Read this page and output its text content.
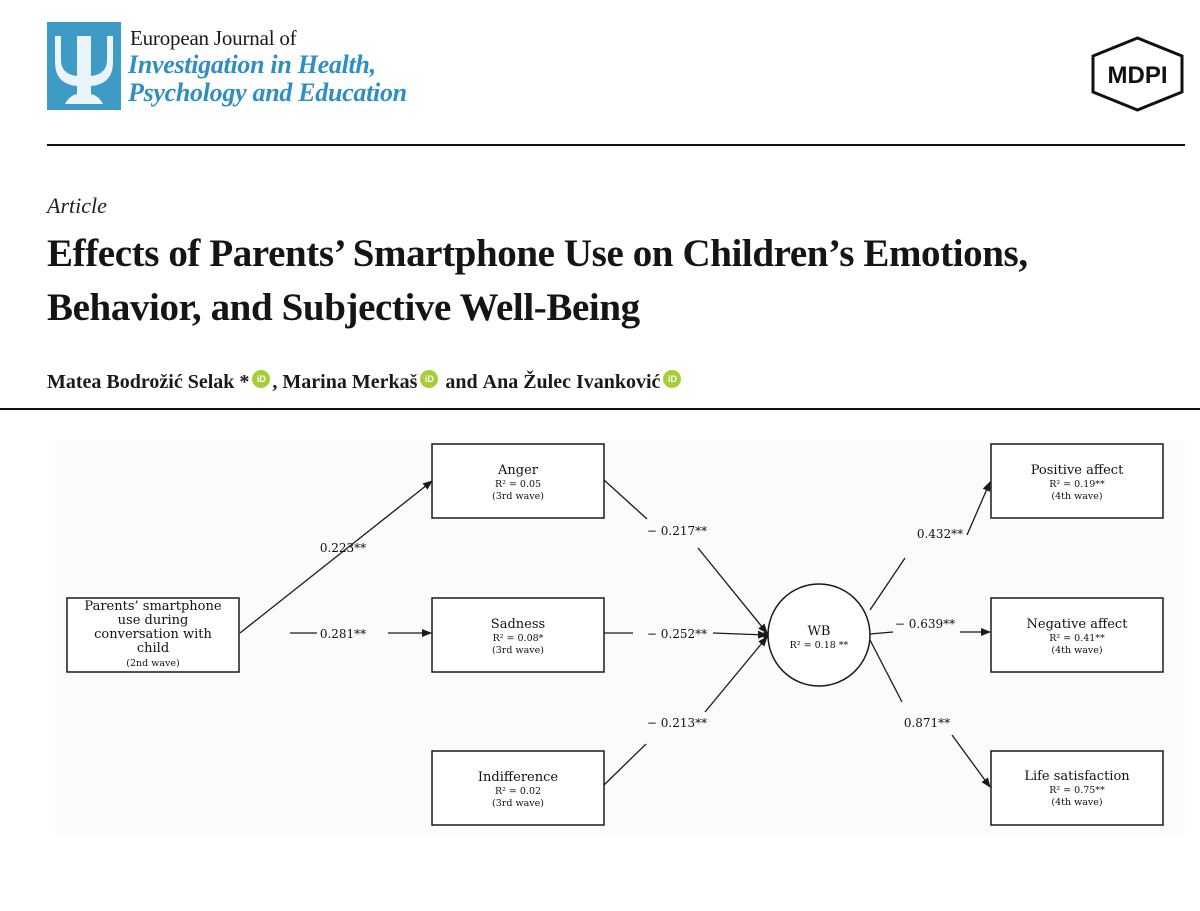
European Journal of
Investigation in Health,
Psychology and Education
MDPI
Article
Effects of Parents’ Smartphone Use on Children’s Emotions,
Behavior, and Subjective Well-Being
Matea Bodrožić Selak * iD , Marina Merkaš iD and Ana Žulec Ivanković iD
0.223**
0.281**
− 0.217**
− 0.252**
− 0.213**
0.432**
− 0.639**
0.871**
Parents’ smartphone
use during
conversation with
child
(2nd wave)
Anger
R² = 0.05
(3rd wave)
Sadness
R² = 0.08*
(3rd wave)
Indifference
R² = 0.02
(3rd wave)
WB
R² = 0.18 **
Positive affect
R² = 0.19**
(4th wave)
Negative affect
R² = 0.41**
(4th wave)
Life satisfaction
R² = 0.75**
(4th wave)
